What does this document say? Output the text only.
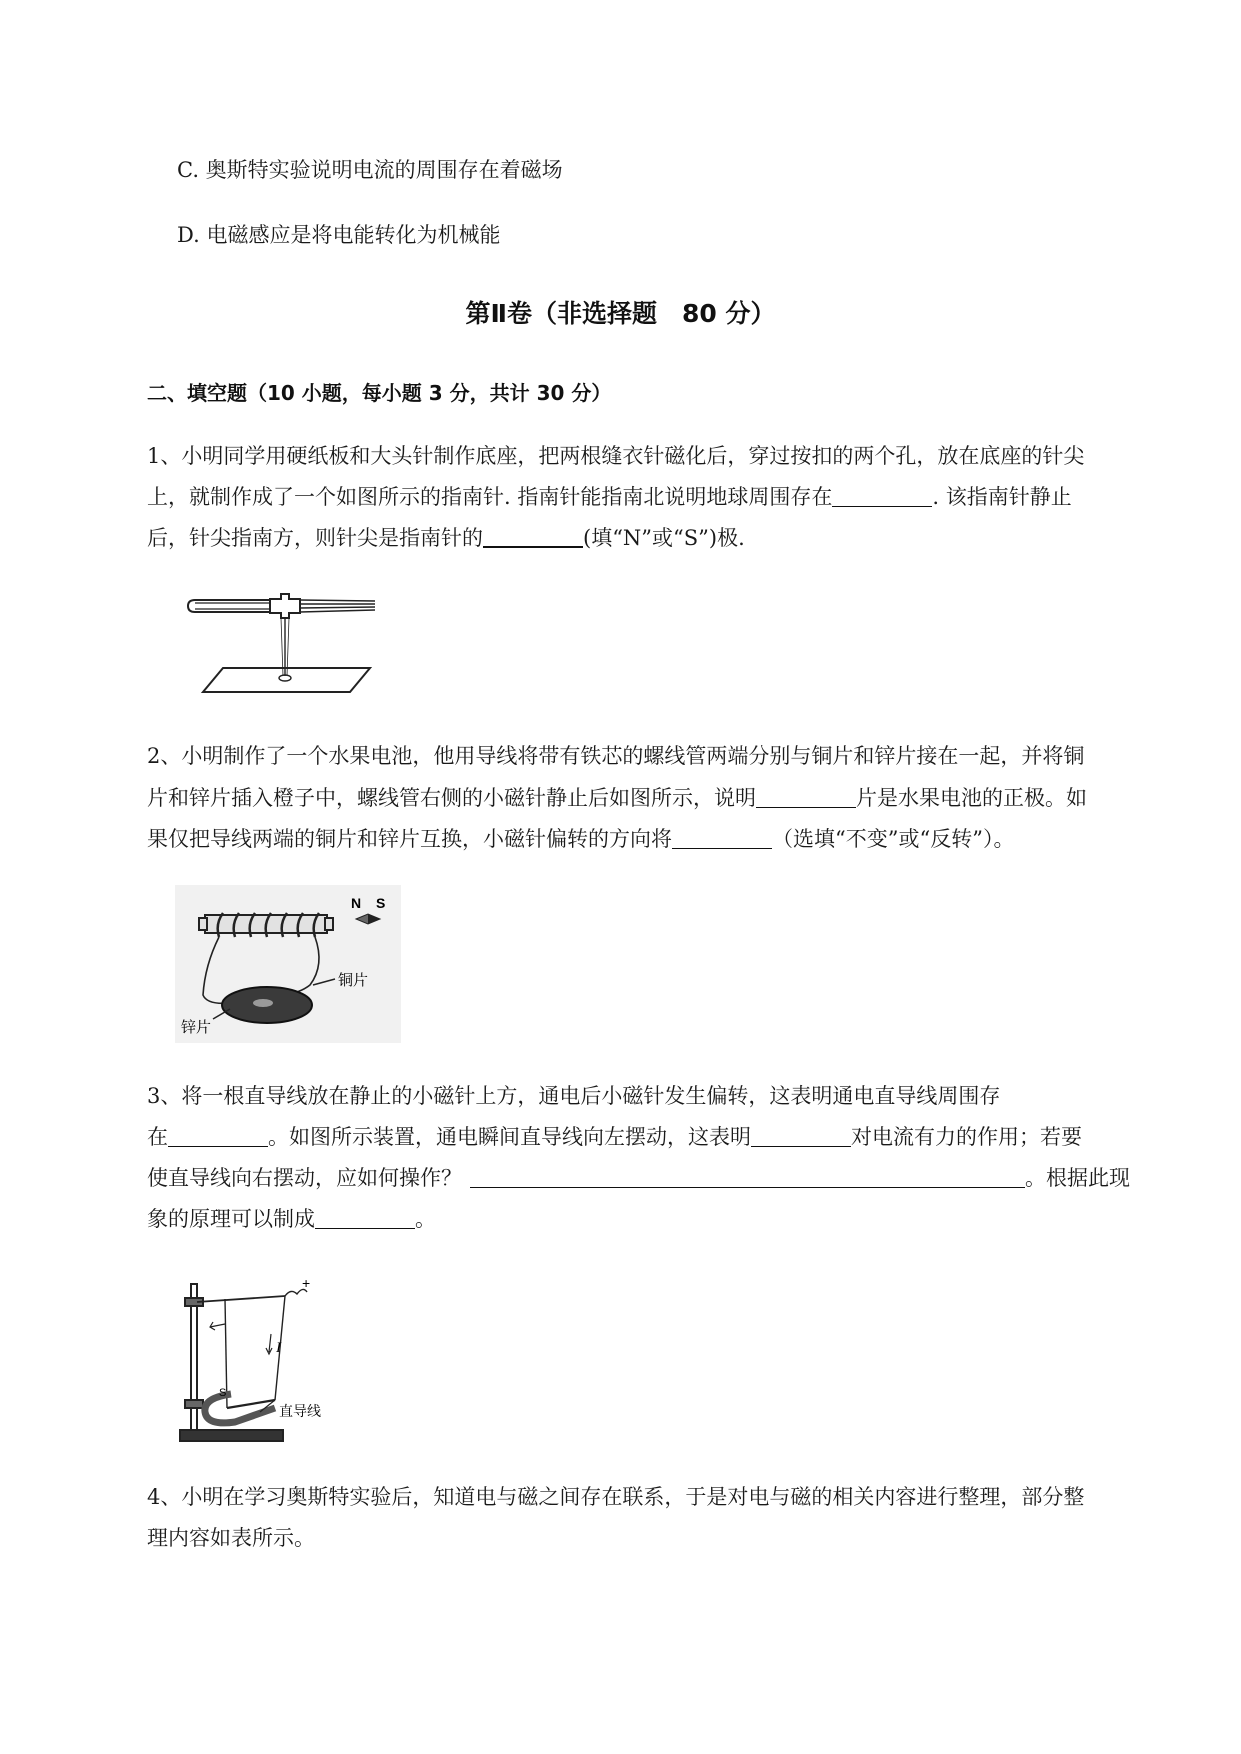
C. 奥斯特实验说明电流的周围存在着磁场
D. 电磁感应是将电能转化为机械能
第Ⅱ卷（非选择题　80 分）
二、填空题（10 小题，每小题 3 分，共计 30 分）
1、小明同学用硬纸板和大头针制作底座，把两根缝衣针磁化后，穿过按扣的两个孔，放在底座的针尖
上，就制作成了一个如图所示的指南针. 指南针能指南北说明地球周围存在	. 该指南针静止
后，针尖指南方，则针尖是指南针的	(填“N”或“S”)极.
2、小明制作了一个水果电池，他用导线将带有铁芯的螺线管两端分别与铜片和锌片接在一起，并将铜
片和锌片插入橙子中，螺线管右侧的小磁针静止后如图所示，说明	片是水果电池的正极。如
果仅把导线两端的铜片和锌片互换，小磁针偏转的方向将	（选填“不变”或“反转”）。
N S
铜片
锌片
3、将一根直导线放在静止的小磁针上方，通电后小磁针发生偏转，这表明通电直导线周围存
在	。如图所示装置，通电瞬间直导线向左摆动，这表明	对电流有力的作用；若要
使直导线向右摆动，应如何操作？	。根据此现
象的原理可以制成	。
+
I
S
直导线
4、小明在学习奥斯特实验后，知道电与磁之间存在联系，于是对电与磁的相关内容进行整理，部分整
理内容如表所示。
